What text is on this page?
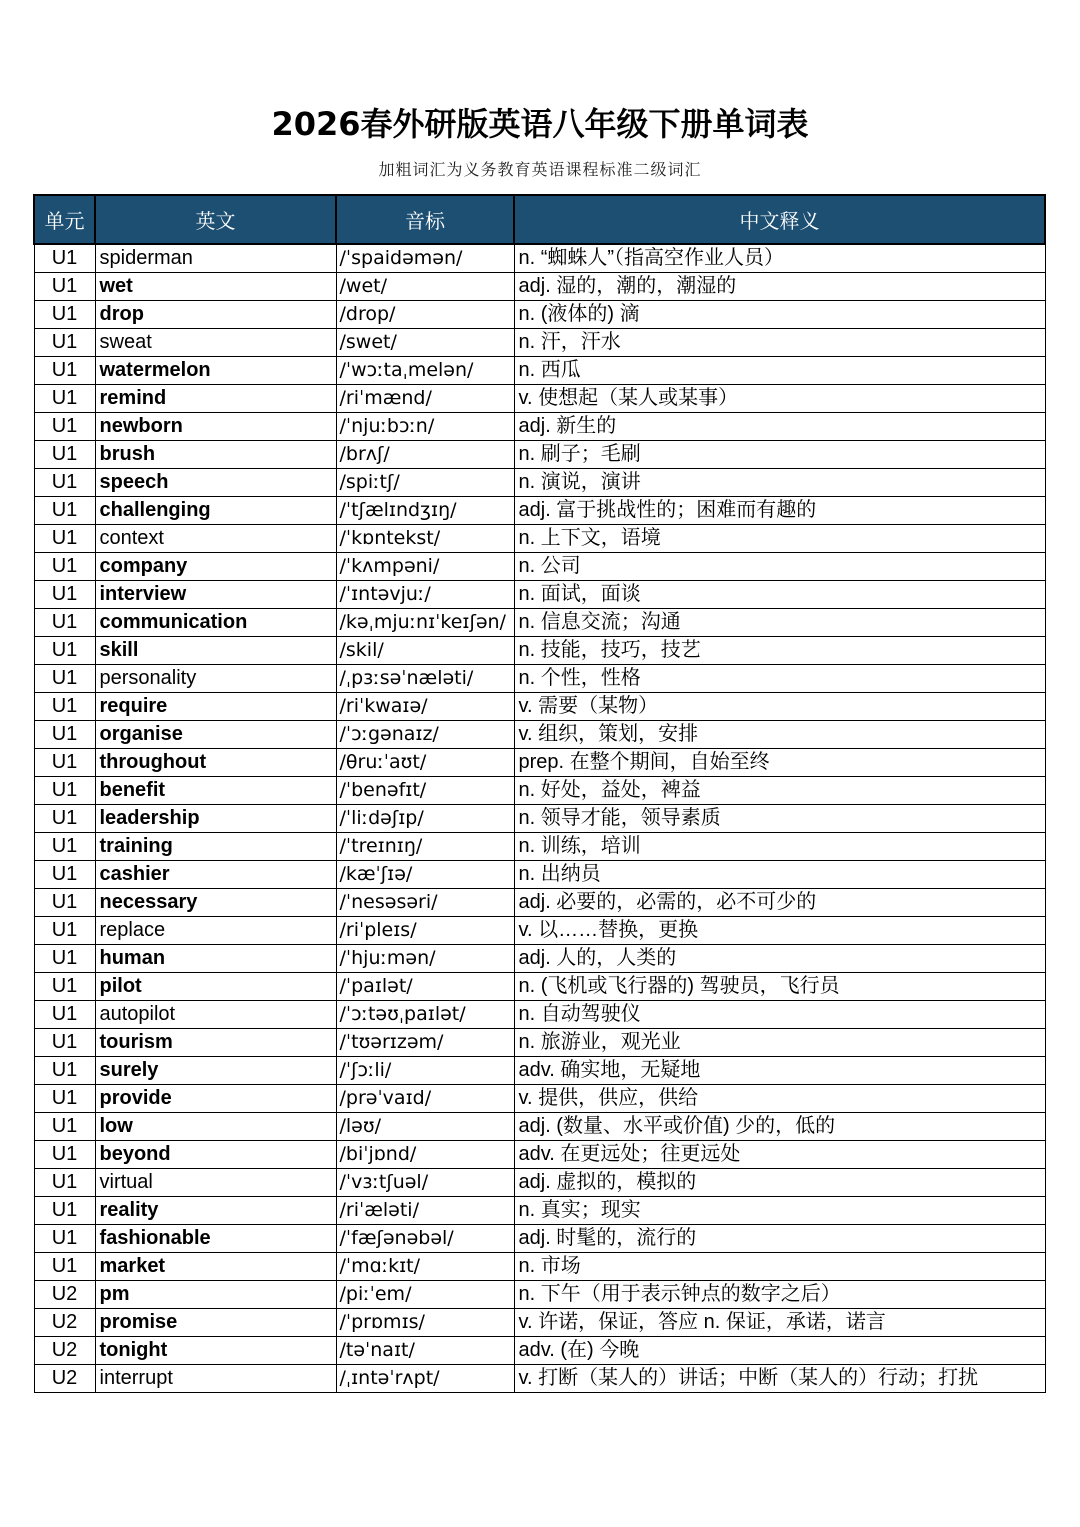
2026春外研版英语八年级下册单词表
加粗词汇为义务教育英语课程标准二级词汇
单元	英文	音标	中文释义
U1	spiderman	/ˈspaidəmən/	n. “蜘蛛人”（指高空作业人员）
U1	wet	/wet/	adj. 湿的，潮的，潮湿的
U1	drop	/drop/	n. (液体的) 滴
U1	sweat	/swet/	n. 汗，汗水
U1	watermelon	/ˈwɔːtaˌmelən/	n. 西瓜
U1	remind	/riˈmænd/	v. 使想起（某人或某事）
U1	newborn	/ˈnjuːbɔːn/	adj. 新生的
U1	brush	/brʌʃ/	n. 刷子；毛刷
U1	speech	/spiːtʃ/	n. 演说，演讲
U1	challenging	/ˈtʃælɪndʒɪŋ/	adj. 富于挑战性的；困难而有趣的
U1	context	/ˈkɒntekst/	n. 上下文，语境
U1	company	/ˈkʌmpəni/	n. 公司
U1	interview	/ˈɪntəvjuː/	n. 面试，面谈
U1	communication	/kəˌmjuːnɪˈkeɪʃən/	n. 信息交流；沟通
U1	skill	/skil/	n. 技能，技巧，技艺
U1	personality	/ˌpɜːsəˈnæləti/	n. 个性，性格
U1	require	/riˈkwaɪə/	v. 需要（某物）
U1	organise	/ˈɔːgənaɪz/	v. 组织，策划，安排
U1	throughout	/θruːˈaʊt/	prep. 在整个期间，自始至终
U1	benefit	/ˈbenəfɪt/	n. 好处，益处，裨益
U1	leadership	/ˈliːdəʃɪp/	n. 领导才能，领导素质
U1	training	/ˈtreɪnɪŋ/	n. 训练，培训
U1	cashier	/kæˈʃɪə/	n. 出纳员
U1	necessary	/ˈnesəsəri/	adj. 必要的，必需的，必不可少的
U1	replace	/riˈpleɪs/	v. 以……替换，更换
U1	human	/ˈhjuːmən/	adj. 人的，人类的
U1	pilot	/ˈpaɪlət/	n. (飞机或飞行器的) 驾驶员，飞行员
U1	autopilot	/ˈɔːtəʊˌpaɪlət/	n. 自动驾驶仪
U1	tourism	/ˈtʊərɪzəm/	n. 旅游业，观光业
U1	surely	/ˈʃɔːli/	adv. 确实地，无疑地
U1	provide	/prəˈvaɪd/	v. 提供，供应，供给
U1	low	/ləʊ/	adj. (数量、水平或价值) 少的，低的
U1	beyond	/biˈjɒnd/	adv. 在更远处；往更远处
U1	virtual	/ˈvɜːtʃuəl/	adj. 虚拟的，模拟的
U1	reality	/riˈæləti/	n. 真实；现实
U1	fashionable	/ˈfæʃənəbəl/	adj. 时髦的，流行的
U1	market	/ˈmɑːkɪt/	n. 市场
U2	pm	/piːˈem/	n. 下午（用于表示钟点的数字之后）
U2	promise	/ˈprɒmɪs/	v. 许诺，保证，答应 n. 保证，承诺，诺言
U2	tonight	/təˈnaɪt/	adv. (在) 今晚
U2	interrupt	/ˌɪntəˈrʌpt/	v. 打断（某人的）讲话；中断（某人的）行动；打扰
